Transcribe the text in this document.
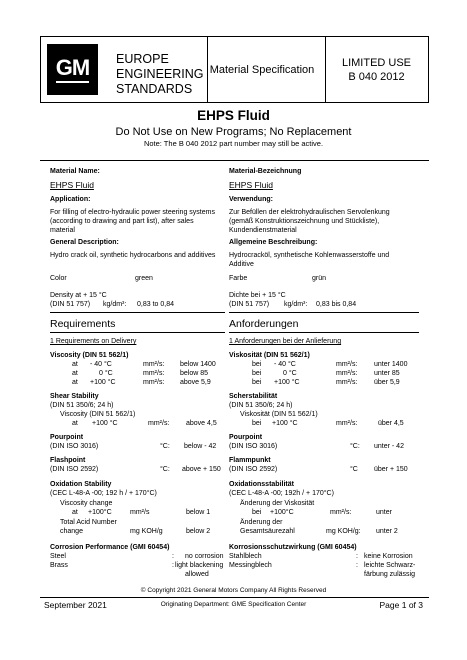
GM EUROPE
ENGINEERING
STANDARDS
Material Specification
LIMITED USE
B 040 2012
EHPS Fluid
Do Not Use on New Programs; No Replacement
Note: The B 040 2012 part number may still be active.
Material Name:
EHPS Fluid
Application:
For filling of electro-hydraulic power steering systems
(according to drawing and part list), after sales
material
General Description:
Hydro crack oil, synthetic hydrocarbons and additives
Color	green
Density at + 15 °C
(DIN 51 757) kg/dm³: 0,83 to 0,84
Requirements
1 Requirements on Delivery
Viscosity (DIN 51 562/1)
at - 40 °C	mm²/s: below 1400
at	0 °C	mm²/s: below 85
at +100 °C	mm²/s: above 5,9
Shear Stability
(DIN 51 350/6; 24 h)
Viscosity (DIN 51 562/1)
at +100 °C	mm²/s: above 4,5
Pourpoint
(DIN ISO 3016)	°C: below - 42
Flashpoint
(DIN ISO 2592)	°C: above + 150
Oxidation Stability
(CEC L-48-A -00; 192 h / + 170°C)
Viscosity change
at +100°C	mm²/s	below 1
Total Acid Number
change	mg KOH/g	below 2
Corrosion Performance (GMI 60454)
Steel	: no corrosion
Brass	: light blackening
allowed
Material-Bezeichnung
EHPS Fluid
Verwendung:
Zur Befüllen der elektrohydraulischen Servolenkung
(gemäß Konstruktionszeichnung und Stückliste),
Kundendienstmaterial
Allgemeine Beschreibung:
Hydrocracköl, synthetische Kohlenwasserstoffe und
Additive
Farbe	grün
Dichte bei + 15 °C
(DIN 51 757) kg/dm³: 0,83 bis 0,84
Anforderungen
1 Anforderungen bei der Anlieferung
Viskosität (DIN 51 562/1)
bei - 40 °C	mm²/s: unter 1400
bei	0 °C	mm²/s: unter 85
bei +100 °C	mm²/s: über 5,9
Scherstabilität
(DIN 51 350/6; 24 h)
Viskosität (DIN 51 562/1)
bei +100 °C	mm²/s:	über 4,5
Pourpoint
(DIN ISO 3016)	°C: unter - 42
Flammpunkt
(DIN ISO 2592)	°C über + 150
Oxidationsstabilität
(CEC L-48-A -00; 192h / + 170°C)
Änderung der Viskosität
bei +100°C	mm²/s:	unter
Änderung der
Gesamtsäurezahl	mg KOH/g: unter 2
Korrosionsschutzwirkung (GMI 60454)
Stahlblech	: keine Korrosion
Messingblech	: leichte Schwarz-
färbung zulässig
© Copyright 2021 General Motors Company All Rights Reserved
September 2021	Originating Department: GME Specification Center	Page 1 of 3
